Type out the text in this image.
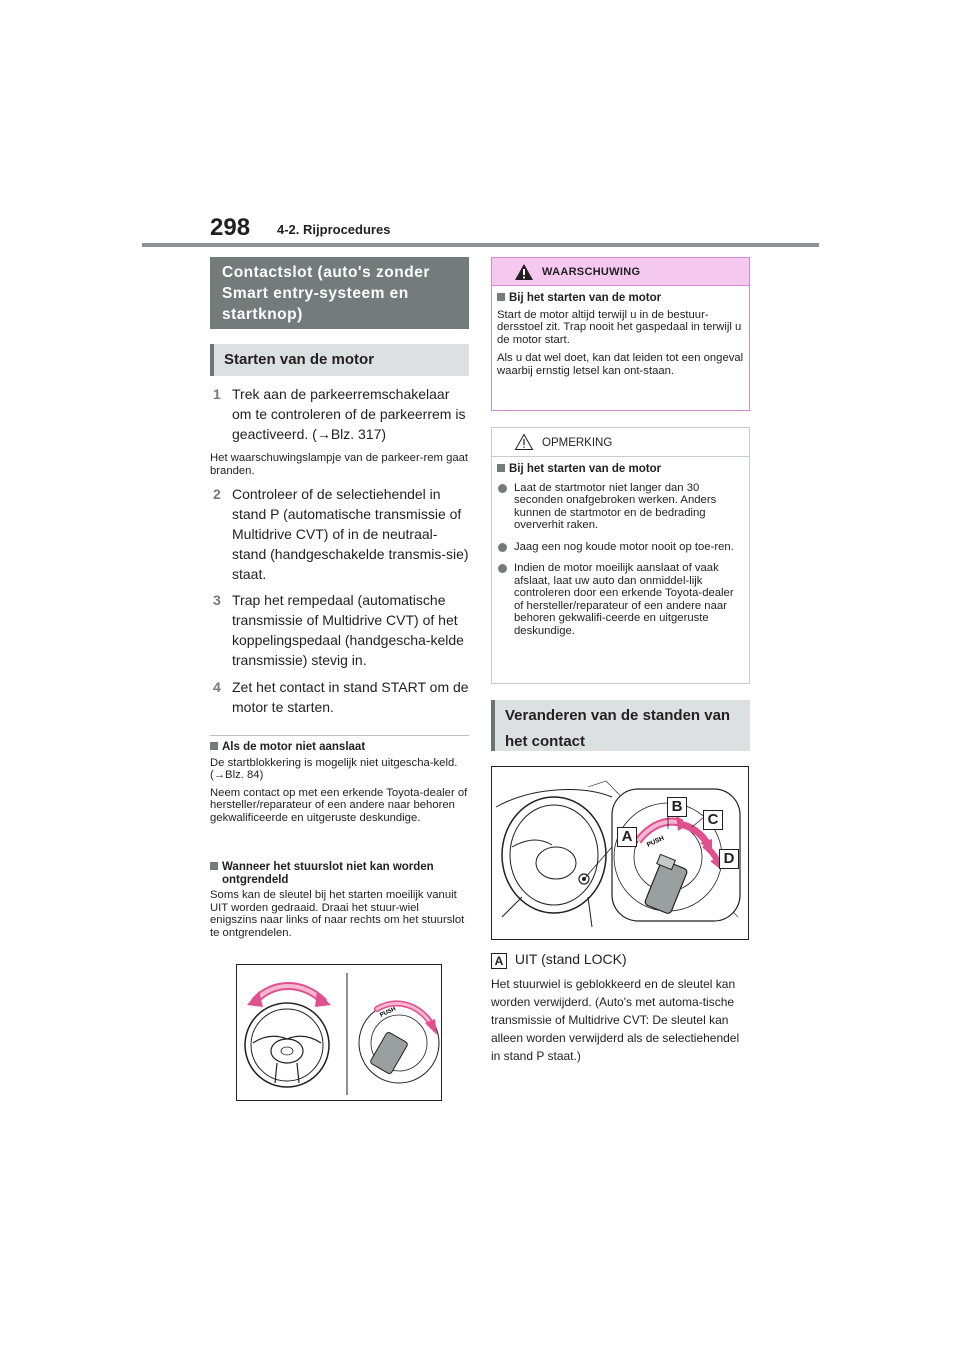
298 4-2. Rijprocedures
Contactslot (auto's zonder Smart entry-systeem en startknop)
Starten van de motor
1 Trek aan de parkeerremschakelaar om te controleren of de parkeerrem is geactiveerd. (→Blz. 317)
Het waarschuwingslampje van de parkeer-rem gaat branden.
2 Controleer of de selectiehendel in stand P (automatische transmissie of Multidrive CVT) of in de neutraal-stand (handgeschakelde transmis-sie) staat.
3 Trap het rempedaal (automatische transmissie of Multidrive CVT) of het koppelingspedaal (handgescha-kelde transmissie) stevig in.
4 Zet het contact in stand START om de motor te starten.
Als de motor niet aanslaat
De startblokkering is mogelijk niet uitgescha-keld. (→Blz. 84)
Neem contact op met een erkende Toyota-dealer of hersteller/reparateur of een andere naar behoren gekwalificeerde en uitgeruste deskundige.
Wanneer het stuurslot niet kan worden ontgrendeld
Soms kan de sleutel bij het starten moeilijk vanuit UIT worden gedraaid. Draai het stuur-wiel enigszins naar links of naar rechts om het stuurslot te ontgrendelen.
PUSH
WAARSCHUWING
Bij het starten van de motor
Start de motor altijd terwijl u in de bestuur-dersstoel zit. Trap nooit het gaspedaal in terwijl u de motor start.
Als u dat wel doet, kan dat leiden tot een ongeval waarbij ernstig letsel kan ont-staan.
OPMERKING
Bij het starten van de motor
Laat de startmotor niet langer dan 30 seconden onafgebroken werken. Anders kunnen de startmotor en de bedrading oververhit raken.
Jaag een nog koude motor nooit op toe-ren.
Indien de motor moeilijk aanslaat of vaak afslaat, laat uw auto dan onmiddel-lijk controleren door een erkende Toyota-dealer of hersteller/reparateur of een andere naar behoren gekwalifi-ceerde en uitgeruste deskundige.
Veranderen van de standen van het contact
PUSH
A
B
C
D
A UIT (stand LOCK)
Het stuurwiel is geblokkeerd en de sleutel kan worden verwijderd. (Auto's met automa-tische transmissie of Multidrive CVT: De sleutel kan alleen worden verwijderd als de selectiehendel in stand P staat.)
